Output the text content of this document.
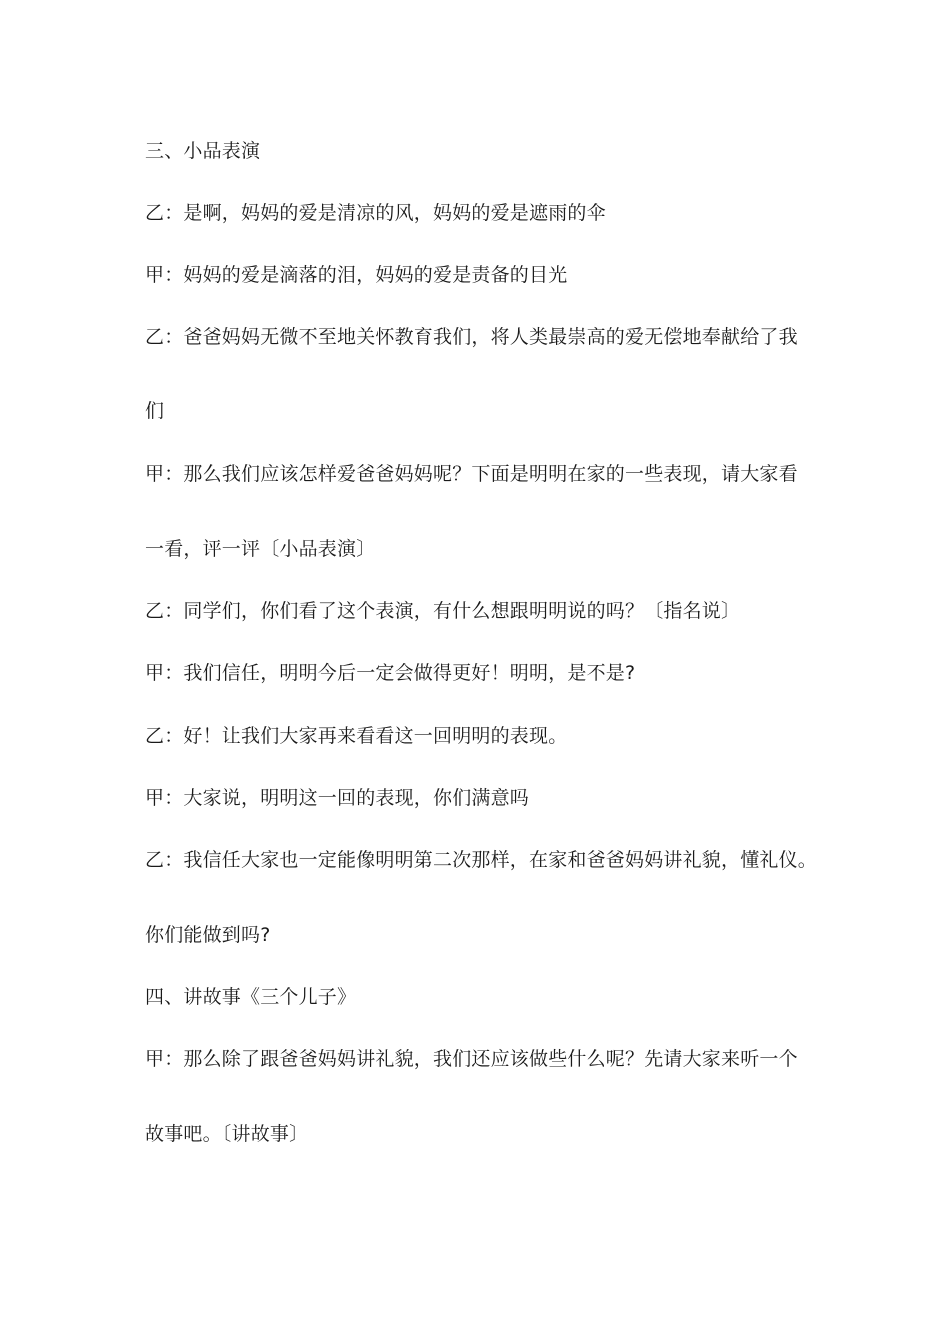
三、小品表演
乙：是啊，妈妈的爱是清凉的风，妈妈的爱是遮雨的伞
甲：妈妈的爱是滴落的泪，妈妈的爱是责备的目光
乙：爸爸妈妈无微不至地关怀教育我们，将人类最崇高的爱无偿地奉献给了我
们
甲：那么我们应该怎样爱爸爸妈妈呢？下面是明明在家的一些表现，请大家看
一看，评一评〔小品表演〕
乙：同学们，你们看了这个表演，有什么想跟明明说的吗？〔指名说〕
甲：我们信任，明明今后一定会做得更好！明明，是不是?
乙：好！让我们大家再来看看这一回明明的表现。
甲：大家说，明明这一回的表现，你们满意吗
乙：我信任大家也一定能像明明第二次那样，在家和爸爸妈妈讲礼貌，懂礼仪。
你们能做到吗?
四、讲故事《三个儿子》
甲：那么除了跟爸爸妈妈讲礼貌，我们还应该做些什么呢？先请大家来听一个
故事吧。〔讲故事〕
